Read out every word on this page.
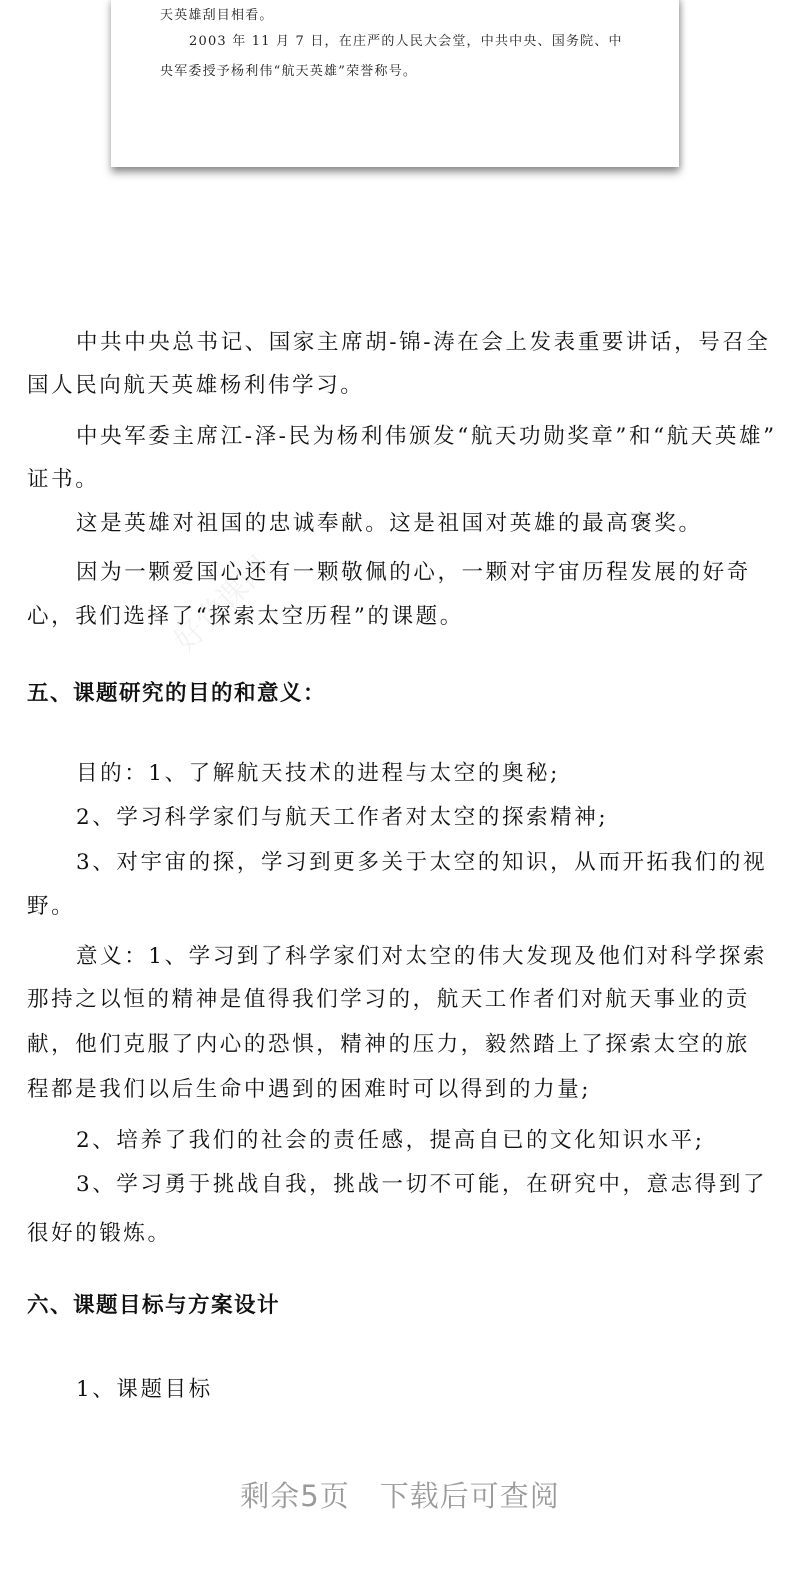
天英雄刮目相看。
2003 年 11 月 7 日，在庄严的人民大会堂，中共中央、国务院、中
央军委授予杨利伟“航天英雄”荣誉称号。
好党课网
中共中央总书记、国家主席胡-锦-涛在会上发表重要讲话，号召全
国人民向航天英雄杨利伟学习。
中央军委主席江-泽-民为杨利伟颁发“航天功勋奖章”和“航天英雄”
证书。
这是英雄对祖国的忠诚奉献。这是祖国对英雄的最高褒奖。
因为一颗爱国心还有一颗敬佩的心，一颗对宇宙历程发展的好奇
心，我们选择了“探索太空历程”的课题。
五、课题研究的目的和意义：
目的：1、了解航天技术的进程与太空的奥秘;
2、学习科学家们与航天工作者对太空的探索精神;
3、对宇宙的探，学习到更多关于太空的知识，从而开拓我们的视
野。
意义：1、学习到了科学家们对太空的伟大发现及他们对科学探索
那持之以恒的精神是值得我们学习的，航天工作者们对航天事业的贡
献，他们克服了内心的恐惧，精神的压力，毅然踏上了探索太空的旅
程都是我们以后生命中遇到的困难时可以得到的力量;
2、培养了我们的社会的责任感，提高自已的文化知识水平;
3、学习勇于挑战自我，挑战一切不可能，在研究中，意志得到了
很好的锻炼。
六、课题目标与方案设计
1、课题目标
剩余5页　下载后可查阅
